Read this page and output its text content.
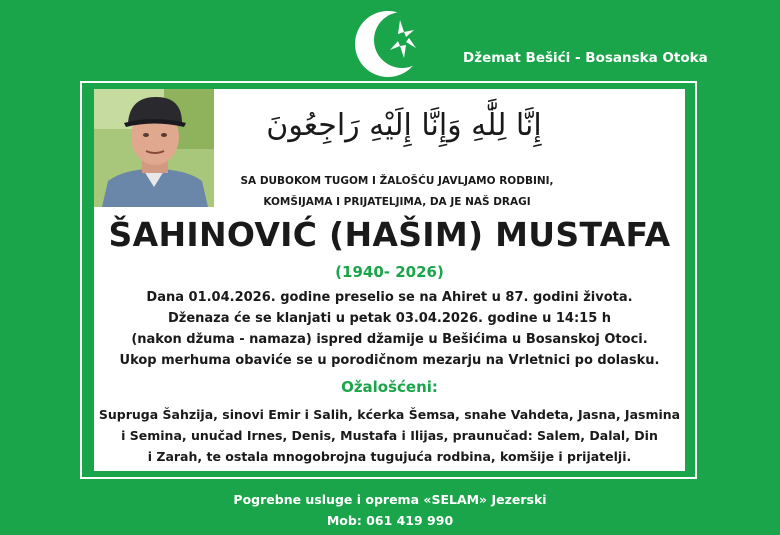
Džemat Bešići - Bosanska Otoka
إِنَّا لِلَّٰهِ وَإِنَّا إِلَيْهِ رَاجِعُونَ
SA DUBOKOM TUGOM I ŽALOŠĆU JAVLJAMO RODBINI,
KOMŠIJAMA I PRIJATELJIMA, DA JE NAŠ DRAGI
ŠAHINOVIĆ (HAŠIM) MUSTAFA
(1940- 2026)
Dana 01.04.2026. godine preselio se na Ahiret u 87. godini života.
Dženaza će se klanjati u petak 03.04.2026. godine u 14:15 h
(nakon džuma - namaza) ispred džamije u Bešićima u Bosanskoj Otoci.
Ukop merhuma obaviće se u porodičnom mezarju na Vrletnici po dolasku.
Ožalošćeni:
Supruga Šahzija, sinovi Emir i Salih, kćerka Šemsa, snahe Vahdeta, Jasna, Jasmina
i Semina, unučad Irnes, Denis, Mustafa i Ilijas, praunučad: Salem, Dalal, Din
i Zarah, te ostala mnogobrojna tugujuća rodbina, komšije i prijatelji.
Pogrebne usluge i oprema «SELAM» Jezerski
Mob: 061 419 990
